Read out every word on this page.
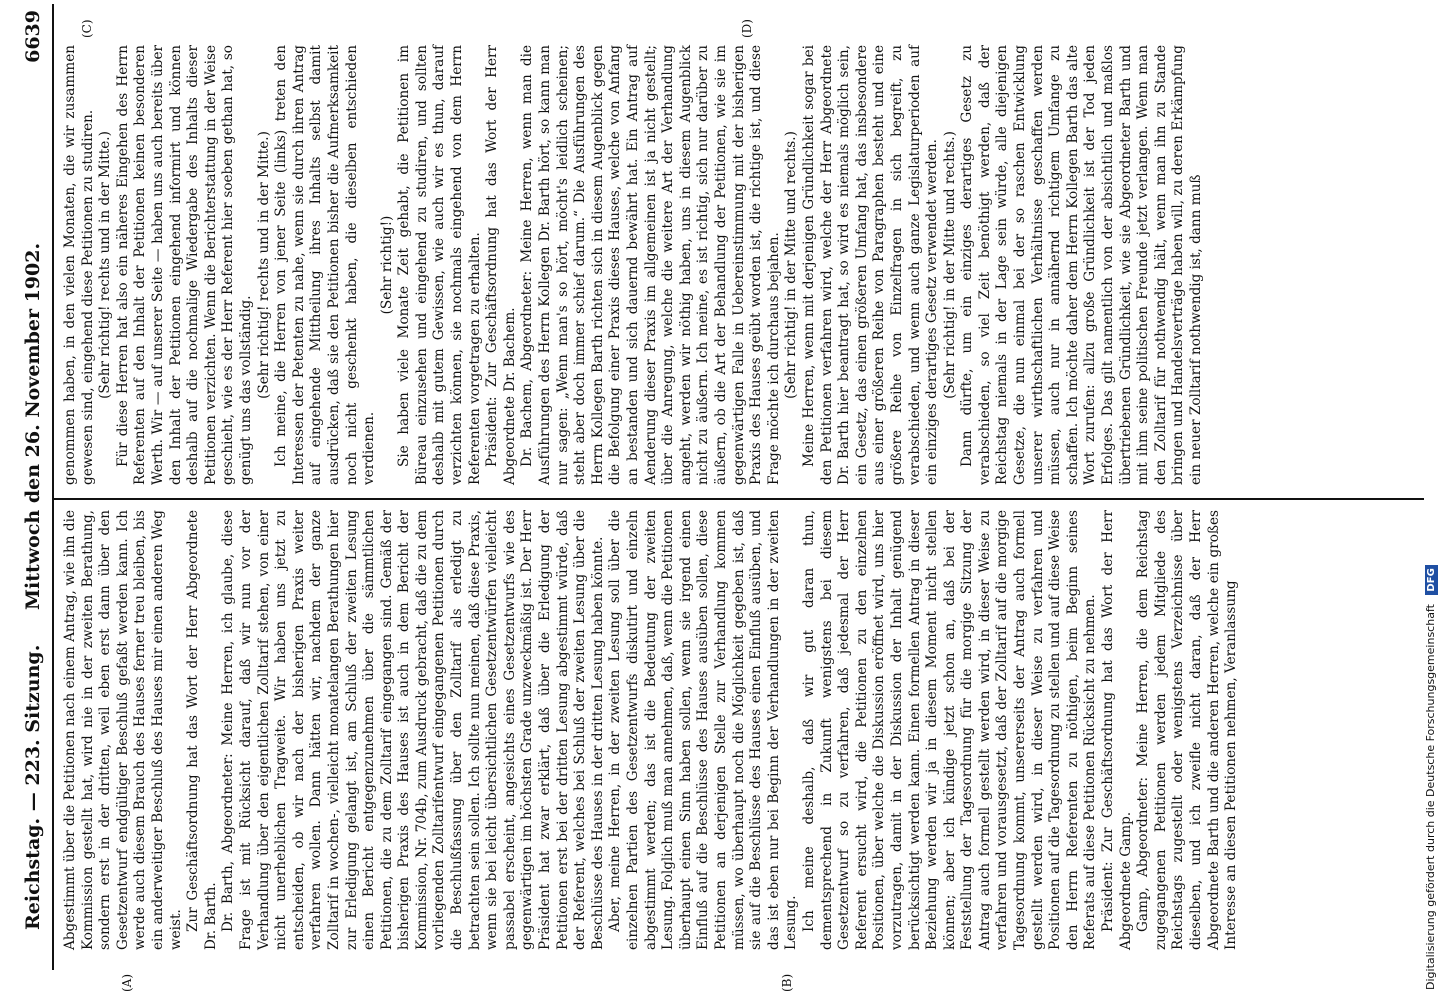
Reichstag. — 223. Sitzung.
Mittwoch den 26. November 1902.
6639
(A)	(B)
(C)	(D)

Abgestimmt über die Petitionen nach einem Antrag, wie ihn die Kommission gestellt hat, wird nie in der zweiten Berathung, sondern erst in der dritten, weil eben erst dann über den Gesetzentwurf endgültiger Beschluß gefaßt werden kann. Ich werde auch diesem Brauch des Hauses ferner treu bleiben, bis ein anderweitiger Beschluß des Hauses mir einen anderen Weg weist. Zur Geschäftsordnung hat das Wort der Herr Abgeordnete Dr. Barth. Dr. Barth, Abgeordneter: Meine Herren, ich glaube, diese Frage ist mit Rücksicht darauf, daß wir nun vor der Verhandlung über den eigentlichen Zolltarif stehen, von einer nicht unerheblichen Tragweite. Wir haben uns jetzt zu entscheiden, ob wir nach der bisherigen Praxis weiter verfahren wollen. Dann hätten wir, nachdem der ganze Zolltarif in wochen-, vielleicht monatelangen Berathungen hier zur Erledigung gelangt ist, am Schluß der zweiten Lesung einen Bericht entgegenzunehmen über die sämmtlichen Petitionen, die zu dem Zolltarif eingegangen sind. Gemäß der bisherigen Praxis des Hauses ist auch in dem Bericht der Kommission, Nr. 704b, zum Ausdruck gebracht, daß die zu dem vorliegenden Zolltarifentwurf eingegangenen Petitionen durch die Beschlußfassung über den Zolltarif als erledigt zu betrachten sein sollen. Ich sollte nun meinen, daß diese Praxis, wenn sie bei leicht übersichtlichen Gesetzentwürfen vielleicht passabel erscheint, angesichts eines Gesetzentwurfs wie des gegenwärtigen im höchsten Grade unzweckmäßig ist. Der Herr Präsident hat zwar erklärt, daß über die Erledigung der Petitionen erst bei der dritten Lesung abgestimmt würde, daß der Referent, welches bei Schluß der zweiten Lesung über die Beschlüsse des Hauses in der dritten Lesung haben könnte. Aber, meine Herren, in der zweiten Lesung soll über die einzelnen Partien des Gesetzentwurfs diskutirt und einzeln abgestimmt werden; das ist die Bedeutung der zweiten Lesung. Folglich muß man annehmen, daß, wenn die Petitionen überhaupt einen Sinn haben sollen, wenn sie irgend einen Einfluß auf die Beschlüsse des Hauses ausüben sollen, diese Petitionen an derjenigen Stelle zur Verhandlung kommen müssen, wo überhaupt noch die Möglichkeit gegeben ist, daß sie auf die Beschlüsse des Hauses einen Einfluß ausüben, und das ist eben nur bei Beginn der Verhandlungen in der zweiten Lesung. Ich meine deshalb, daß wir gut daran thun, dementsprechend in Zukunft wenigstens bei diesem Gesetzentwurf so zu verfahren, daß jedesmal der Herr Referent ersucht wird, die Petitionen zu den einzelnen Positionen, über welche die Diskussion eröffnet wird, uns hier vorzutragen, damit in der Diskussion der Inhalt genügend berücksichtigt werden kann. Einen formellen Antrag in dieser Beziehung werden wir ja in diesem Moment nicht stellen können; aber ich kündige jetzt schon an, daß bei der Feststellung der Tagesordnung für die morgige Sitzung der Antrag auch formell gestellt werden wird, in dieser Weise zu verfahren und vorausgesetzt, daß der Zolltarif auf die morgige Tagesordnung kommt, unsererseits der Antrag auch formell gestellt werden wird, in dieser Weise zu verfahren und Positionen auf die Tagesordnung zu stellen und auf diese Weise den Herrn Referenten zu nöthigen, beim Beginn seines Referats auf diese Petitionen Rücksicht zu nehmen. Präsident: Zur Geschäftsordnung hat das Wort der Herr Abgeordnete Gamp. Gamp, Abgeordneter: Meine Herren, die dem Reichstag zugegangenen Petitionen werden jedem Mitgliede des Reichstags zugestellt oder wenigstens Verzeichnisse über dieselben, und ich zweifle nicht daran, daß der Herr Abgeordnete Barth und die anderen Herren, welche ein großes Interesse an diesen Petitionen nehmen, Veranlassung

genommen haben, in den vielen Monaten, die wir zusammen gewesen sind, eingehend diese Petitionen zu studiren. (Sehr richtig! rechts und in der Mitte.) Für diese Herren hat also ein näheres Eingehen des Herrn Referenten auf den Inhalt der Petitionen keinen besonderen Werth. Wir — auf unserer Seite — haben uns auch bereits über den Inhalt der Petitionen eingehend informirt und können deshalb auf die nochmalige Wiedergabe des Inhalts dieser Petitionen verzichten. Wenn die Berichterstattung in der Weise geschieht, wie es der Herr Referent hier soeben gethan hat, so genügt uns das vollständig. (Sehr richtig! rechts und in der Mitte.) Ich meine, die Herren von jener Seite (links) treten den Interessen der Petenten zu nahe, wenn sie durch ihren Antrag auf eingehende Mittheilung ihres Inhalts selbst damit ausdrücken, daß sie den Petitionen bisher die Aufmerksamkeit noch nicht geschenkt haben, die dieselben entschieden verdienen.

(Sehr richtig!) Sie haben viele Monate Zeit gehabt, die Petitionen im Büreau einzusehen und eingehend zu studiren, und sollten deshalb mit gutem Gewissen, wie auch wir es thun, darauf verzichten können, sie nochmals eingehend von dem Herrn Referenten vorgetragen zu erhalten. Präsident: Zur Geschäftsordnung hat das Wort der Herr Abgeordnete Dr. Bachem. Dr. Bachem, Abgeordneter: Meine Herren, wenn man die Ausführungen des Herrn Kollegen Dr. Barth hört, so kann man nur sagen: „Wenn man's so hört, möcht's leidlich scheinen; steht aber doch immer schief darum.“ Die Ausführungen des Herrn Kollegen Barth richten sich in diesem Augenblick gegen die Befolgung einer Praxis dieses Hauses, welche von Anfang an bestanden und sich dauernd bewährt hat. Ein Antrag auf Aenderung dieser Praxis im allgemeinen ist ja nicht gestellt; über die Anregung, welche die weitere Art der Verhandlung angeht, werden wir nöthig haben, uns in diesem Augenblick nicht zu äußern. Ich meine, es ist richtig, sich nur darüber zu äußern, ob die Art der Behandlung der Petitionen, wie sie im gegenwärtigen Falle in Uebereinstimmung mit der bisherigen Praxis des Hauses geübt worden ist, die richtige ist, und diese Frage möchte ich durchaus bejahen. (Sehr richtig! in der Mitte und rechts.) Meine Herren, wenn mit derjenigen Gründlichkeit sogar bei den Petitionen verfahren wird, welche der Herr Abgeordnete Dr. Barth hier beantragt hat, so wird es niemals möglich sein, ein Gesetz, das einen größeren Umfang hat, das insbesondere aus einer größeren Reihe von Paragraphen besteht und eine größere Reihe von Einzelfragen in sich begreift, zu verabschieden, und wenn auch ganze Legislaturperioden auf ein einziges derartiges Gesetz verwendet werden. (Sehr richtig! in der Mitte und rechts.) Dann dürfte, um ein einziges derartiges Gesetz zu verabschieden, so viel Zeit benöthigt werden, daß der Reichstag niemals in der Lage sein würde, alle diejenigen Gesetze, die nun einmal bei der so raschen Entwicklung unserer wirthschaftlichen Verhältnisse geschaffen werden müssen, auch nur in annähernd richtigem Umfange zu schaffen. Ich möchte daher dem Herrn Kollegen Barth das alte Wort zurufen: allzu große Gründlichkeit ist der Tod jeden Erfolges. Das gilt namentlich von der absichtlich und maßlos übertriebenen Gründlichkeit, wie sie Abgeordneter Barth und mit ihm seine politischen Freunde jetzt verlangen. Wenn man den Zolltarif für nothwendig hält, wenn man ihn zu Stande bringen und Handelsverträge haben will, zu deren Erkämpfung ein neuer Zolltarif nothwendig ist, dann muß

Digitalisierung gefördert durch die Deutsche Forschungsgemeinschaft DFG
